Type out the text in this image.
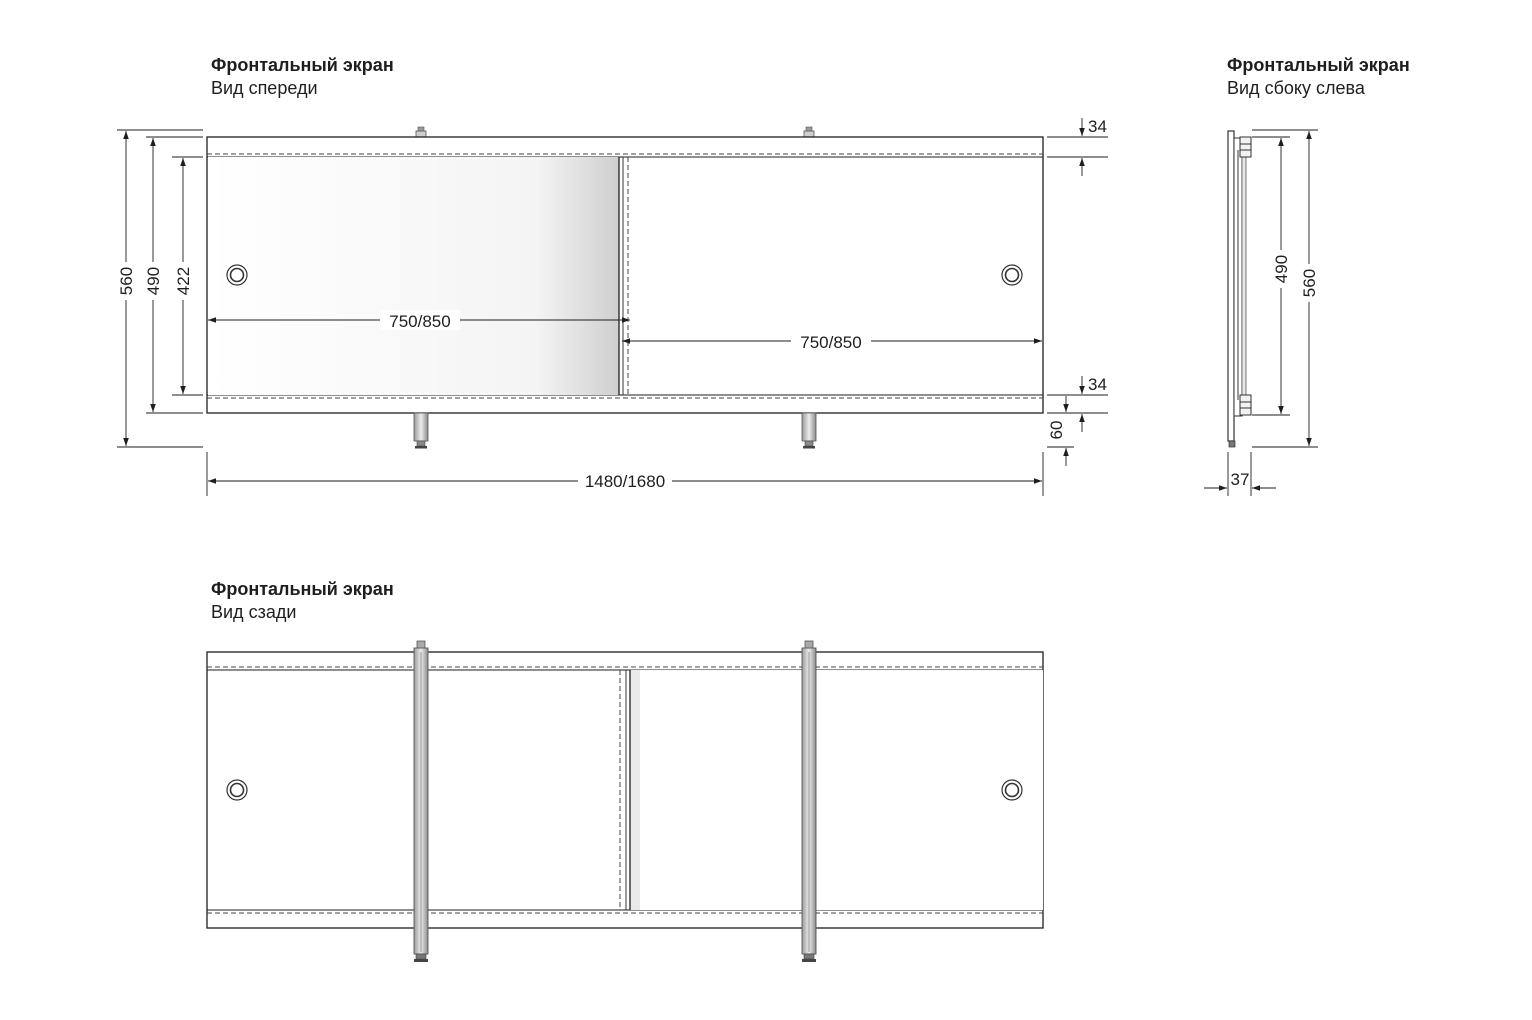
Фронтальный экран
Вид спереди
750/850
750/850
560 490 422
34
34
60
1480/1680
Фронтальный экран
Вид сбоку слева
490 560
37
Фронтальный экран
Вид сзади
